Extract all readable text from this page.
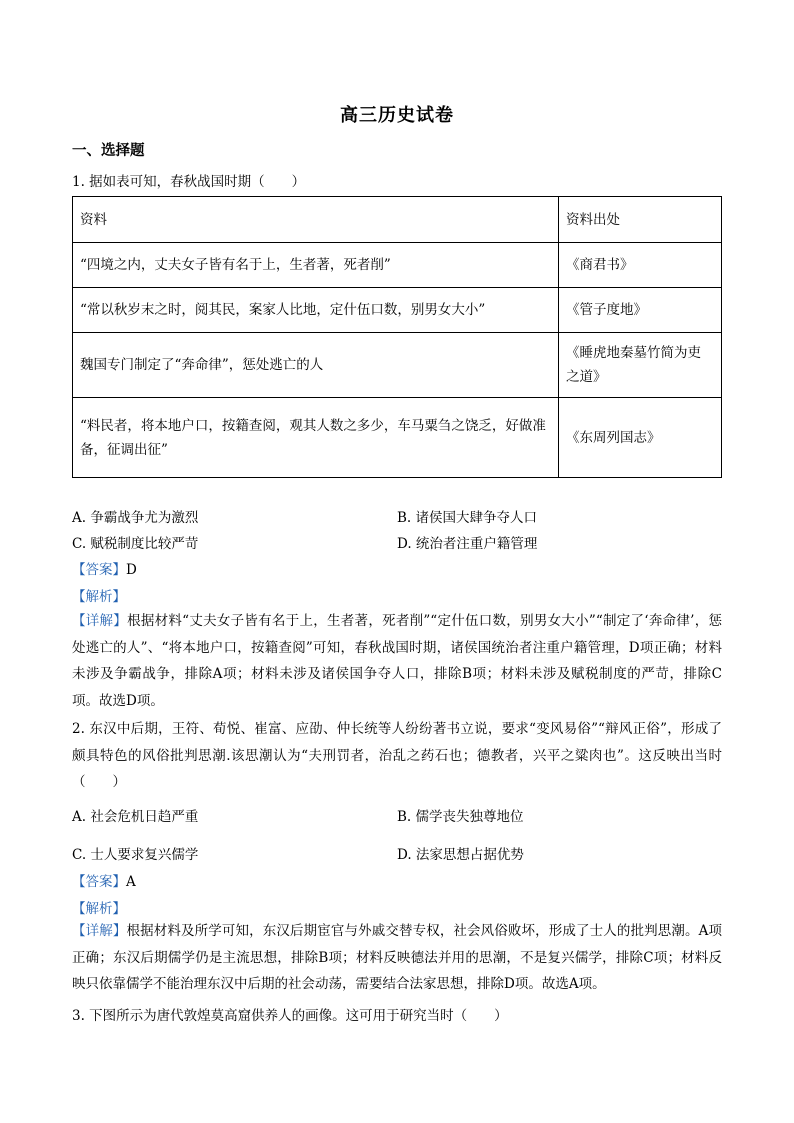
高三历史试卷
一、选择题
1. 据如表可知，春秋战国时期（　　）
资料	资料出处
“四境之内，丈夫女子皆有名于上，生者著，死者削”	《商君书》
“常以秋岁末之时，阅其民，案家人比地，定什伍口数，别男女大小”	《管子度地》
魏国专门制定了“奔命律”，惩处逃亡的人	《睡虎地秦墓竹简为吏之道》
“料民者，将本地户口，按籍查阅，观其人数之多少，车马粟刍之饶乏，好做准备，征调出征”	《东周列国志》
A. 争霸战争尤为激烈	B. 诸侯国大肆争夺人口
C. 赋税制度比较严苛	D. 统治者注重户籍管理
【答案】D
【解析】
【详解】根据材料“丈夫女子皆有名于上，生者著，死者削”“定什伍口数，别男女大小”“制定了‘奔命律’，惩处逃亡的人”、“将本地户口，按籍查阅”可知，春秋战国时期，诸侯国统治者注重户籍管理，D项正确；材料未涉及争霸战争，排除A项；材料未涉及诸侯国争夺人口，排除B项；材料未涉及赋税制度的严苛，排除C项。故选D项。
2. 东汉中后期，王符、荀悦、崔富、应劭、仲长统等人纷纷著书立说，要求“变风易俗”“辩风正俗”，形成了颇具特色的风俗批判思潮.该思潮认为“夫刑罚者，治乱之药石也；德教者，兴平之粱肉也”。这反映出当时（　　）
A. 社会危机日趋严重	B. 儒学丧失独尊地位
C. 士人要求复兴儒学	D. 法家思想占据优势
【答案】A
【解析】
【详解】根据材料及所学可知，东汉后期宦官与外戚交替专权，社会风俗败坏，形成了士人的批判思潮。A项正确；东汉后期儒学仍是主流思想，排除B项；材料反映德法并用的思潮，不是复兴儒学，排除C项；材料反映只依靠儒学不能治理东汉中后期的社会动荡，需要结合法家思想，排除D项。故选A项。
3. 下图所示为唐代敦煌莫高窟供养人的画像。这可用于研究当时（　　）
